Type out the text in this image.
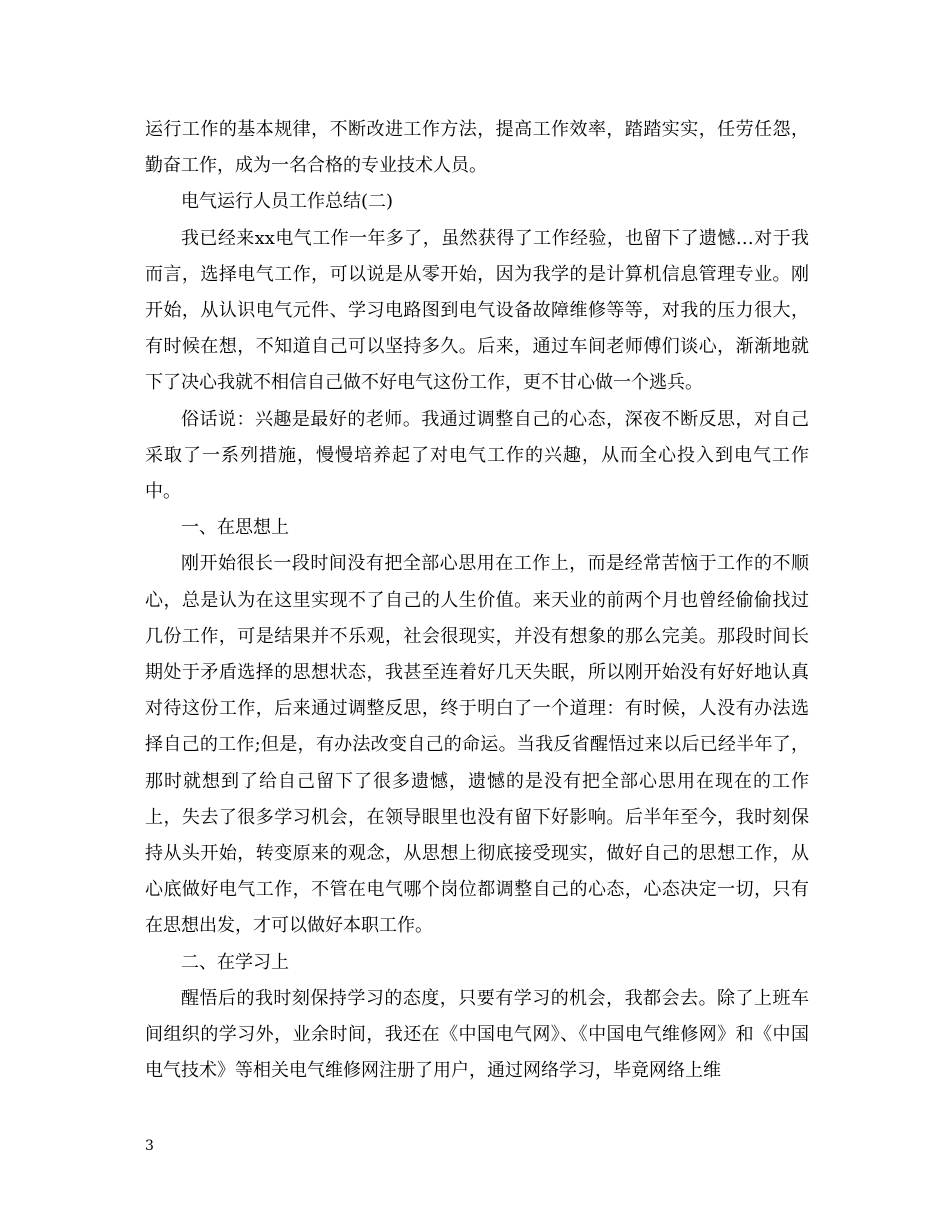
运行工作的基本规律，不断改进工作方法，提高工作效率，踏踏实实，任劳任怨，勤奋工作，成为一名合格的专业技术人员。

电气运行人员工作总结(二)

我已经来xx电气工作一年多了，虽然获得了工作经验，也留下了遗憾…对于我而言，选择电气工作，可以说是从零开始，因为我学的是计算机信息管理专业。刚开始，从认识电气元件、学习电路图到电气设备故障维修等等，对我的压力很大，有时候在想，不知道自己可以坚持多久。后来，通过车间老师傅们谈心，渐渐地就下了决心我就不相信自己做不好电气这份工作，更不甘心做一个逃兵。

俗话说：兴趣是最好的老师。我通过调整自己的心态，深夜不断反思，对自己采取了一系列措施，慢慢培养起了对电气工作的兴趣，从而全心投入到电气工作中。

一、在思想上

刚开始很长一段时间没有把全部心思用在工作上，而是经常苦恼于工作的不顺心，总是认为在这里实现不了自己的人生价值。来天业的前两个月也曾经偷偷找过几份工作，可是结果并不乐观，社会很现实，并没有想象的那么完美。那段时间长期处于矛盾选择的思想状态，我甚至连着好几天失眠，所以刚开始没有好好地认真对待这份工作，后来通过调整反思，终于明白了一个道理：有时候，人没有办法选择自己的工作;但是，有办法改变自己的命运。当我反省醒悟过来以后已经半年了，那时就想到了给自己留下了很多遗憾，遗憾的是没有把全部心思用在现在的工作上，失去了很多学习机会，在领导眼里也没有留下好影响。后半年至今，我时刻保持从头开始，转变原来的观念，从思想上彻底接受现实，做好自己的思想工作，从心底做好电气工作，不管在电气哪个岗位都调整自己的心态，心态决定一切，只有在思想出发，才可以做好本职工作。

二、在学习上

醒悟后的我时刻保持学习的态度，只要有学习的机会，我都会去。除了上班车间组织的学习外，业余时间，我还在《中国电气网》、《中国电气维修网》和《中国电气技术》等相关电气维修网注册了用户，通过网络学习，毕竟网络上维

3
